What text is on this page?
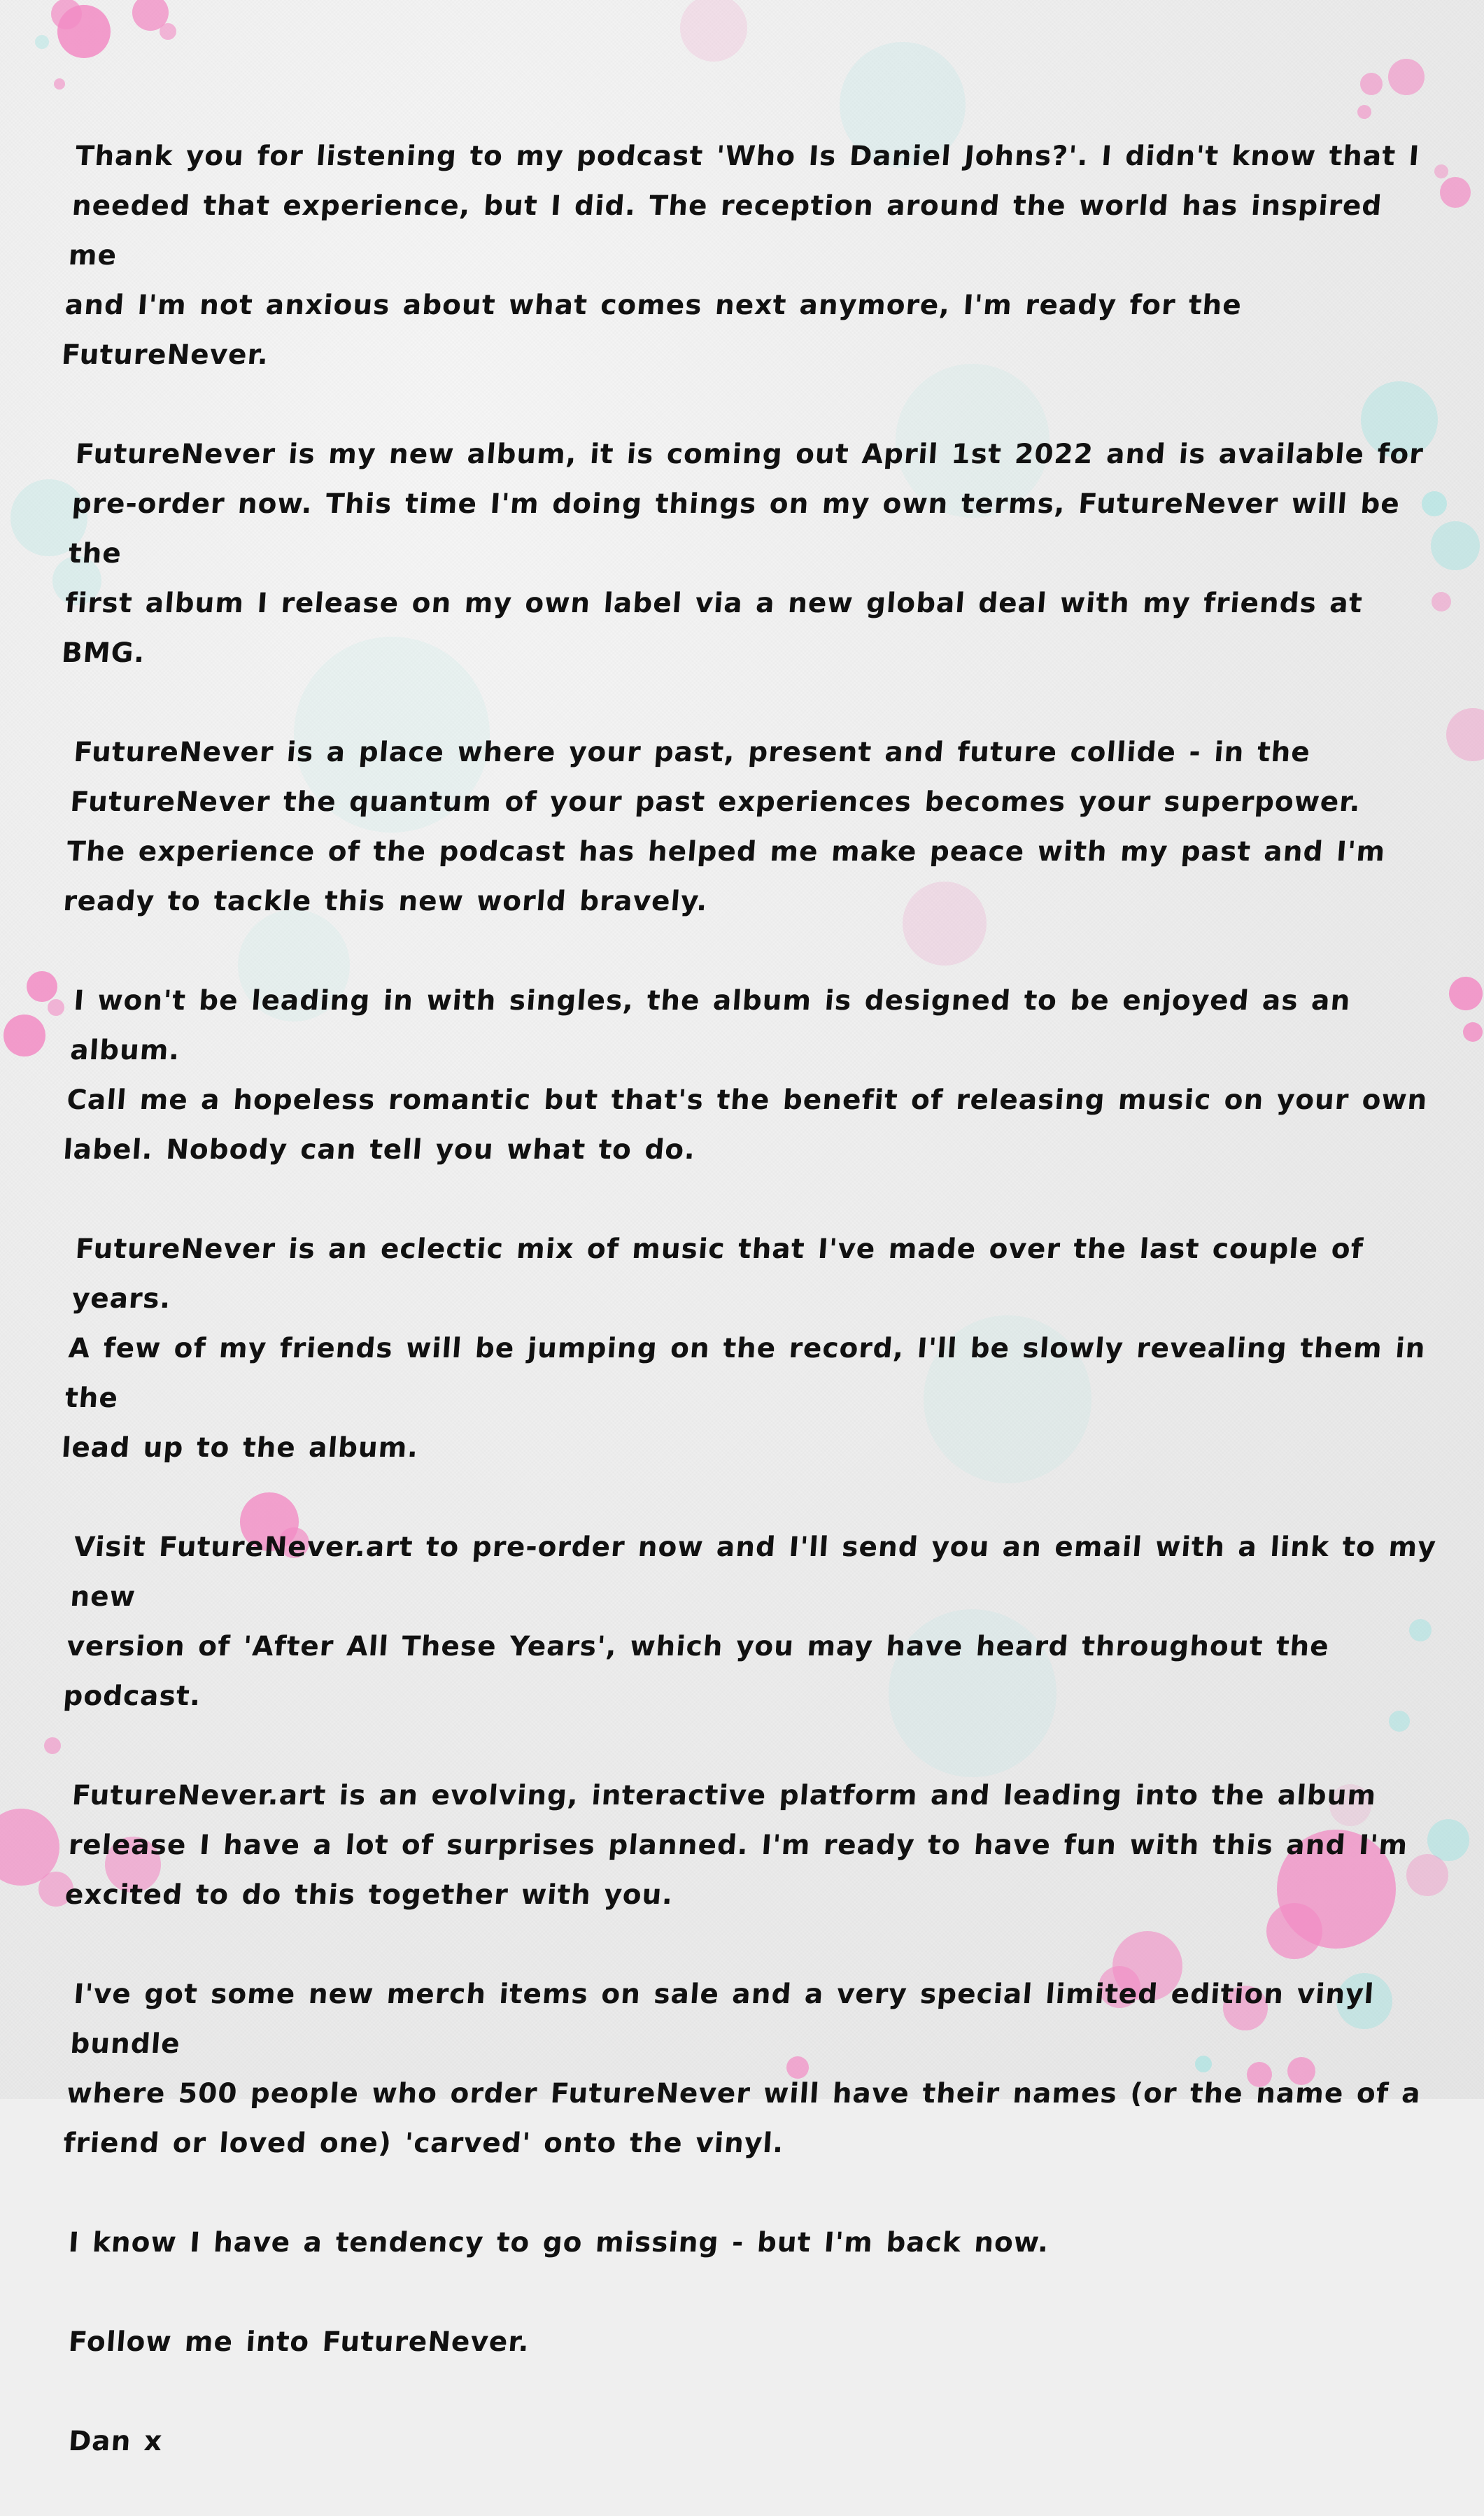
Thank you for listening to my podcast 'Who Is Daniel Johns?'. I didn't know that I
needed that experience, but I did. The reception around the world has inspired me
and I'm not anxious about what comes next anymore, I'm ready for the FutureNever.

FutureNever is my new album, it is coming out April 1st 2022 and is available for
pre-order now. This time I'm doing things on my own terms, FutureNever will be the
first album I release on my own label via a new global deal with my friends at BMG.

FutureNever is a place where your past, present and future collide - in the
FutureNever the quantum of your past experiences becomes your superpower.
The experience of the podcast has helped me make peace with my past and I'm
ready to tackle this new world bravely.

I won't be leading in with singles, the album is designed to be enjoyed as an album.
Call me a hopeless romantic but that's the benefit of releasing music on your own
label. Nobody can tell you what to do.

FutureNever is an eclectic mix of music that I've made over the last couple of years.
A few of my friends will be jumping on the record, I'll be slowly revealing them in the
lead up to the album.

Visit FutureNever.art to pre-order now and I'll send you an email with a link to my new
version of 'After All These Years', which you may have heard throughout the podcast.

FutureNever.art is an evolving, interactive platform and leading into the album
release I have a lot of surprises planned. I'm ready to have fun with this and I'm
excited to do this together with you.

I've got some new merch items on sale and a very special limited edition vinyl bundle
where 500 people who order FutureNever will have their names (or the name of a
friend or loved one) 'carved' onto the vinyl.

I know I have a tendency to go missing - but I'm back now.

Follow me into FutureNever.

Dan x
